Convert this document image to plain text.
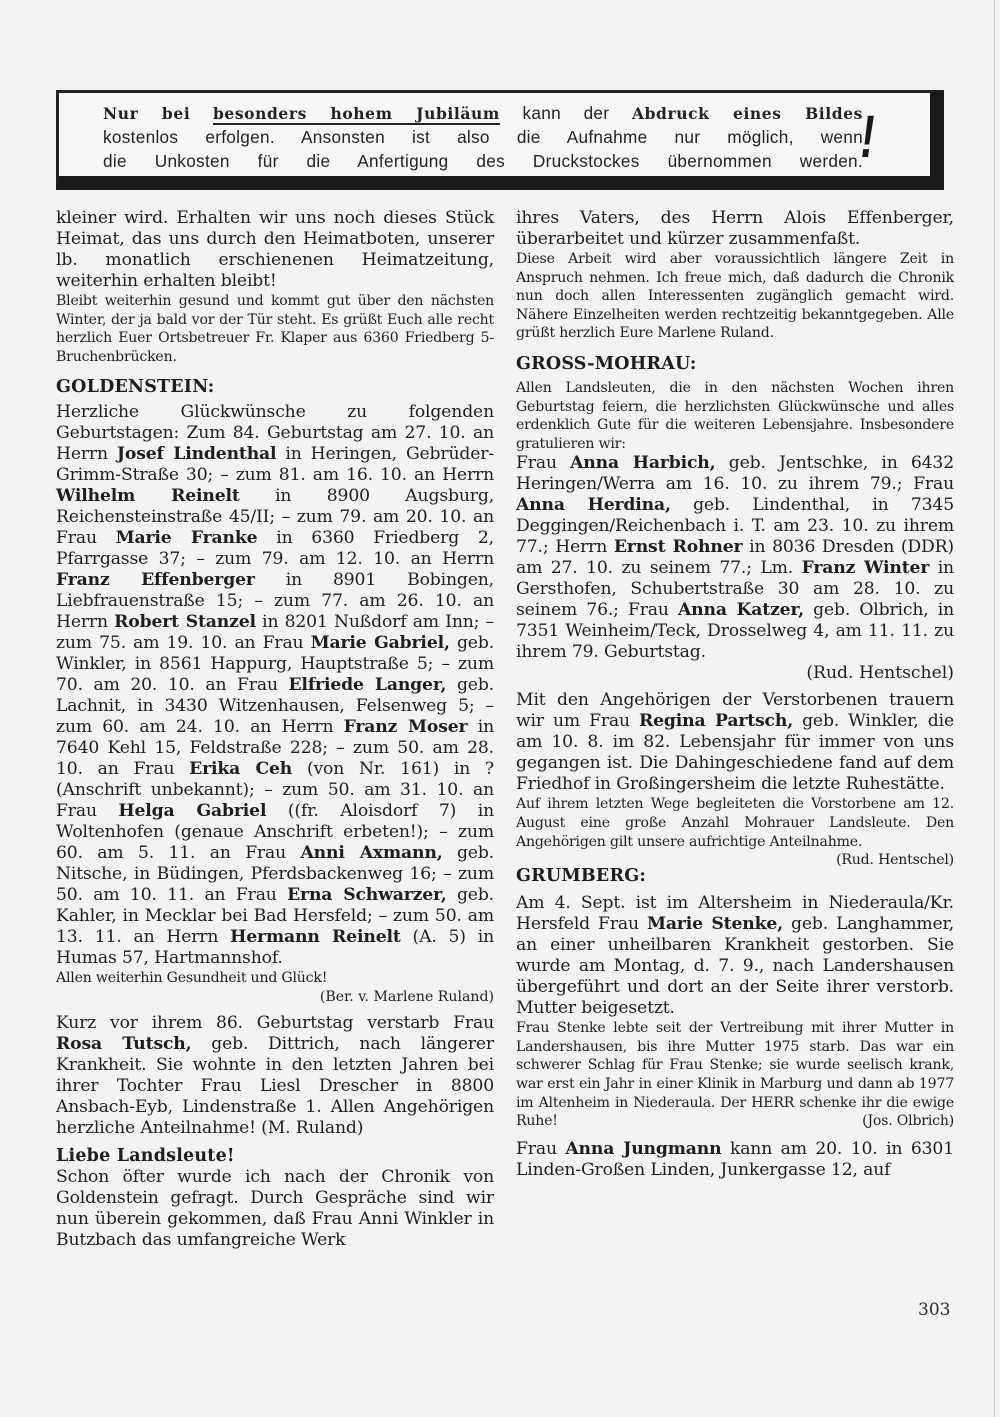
Nur bei besonders hohem Jubiläum kann der Abdruck eines Bildes
kostenlos erfolgen. Ansonsten ist also die Aufnahme nur möglich, wenn
die Unkosten für die Anfertigung des Druckstockes übernommen werden.
!

kleiner wird. Erhalten wir uns noch dieses Stück Heimat, das uns durch den Heimatboten, unserer lb. monatlich erschienenen Heimatzeitung, weiterhin erhalten bleibt!

Bleibt weiterhin gesund und kommt gut über den nächsten Winter, der ja bald vor der Tür steht. Es grüßt Euch alle recht herzlich Euer Ortsbetreuer Fr. Klaper aus 6360 Friedberg 5-Bruchenbrücken.

GOLDENSTEIN:

Herzliche Glückwünsche zu folgenden Geburtstagen: Zum 84. Geburtstag am 27. 10. an Herrn Josef Lindenthal in Heringen, Gebrüder-Grimm-Straße 30; – zum 81. am 16. 10. an Herrn Wilhelm Reinelt in 8900 Augsburg, Reichensteinstraße 45/II; – zum 79. am 20. 10. an Frau Marie Franke in 6360 Friedberg 2, Pfarrgasse 37; – zum 79. am 12. 10. an Herrn Franz Effenberger in 8901 Bobingen, Liebfrauenstraße 15; – zum 77. am 26. 10. an Herrn Robert Stanzel in 8201 Nußdorf am Inn; – zum 75. am 19. 10. an Frau Marie Gabriel, geb. Winkler, in 8561 Happurg, Hauptstraße 5; – zum 70. am 20. 10. an Frau Elfriede Langer, geb. Lachnit, in 3430 Witzenhausen, Felsenweg 5; – zum 60. am 24. 10. an Herrn Franz Moser in 7640 Kehl 15, Feldstraße 228; – zum 50. am 28. 10. an Frau Erika Ceh (von Nr. 161) in ? (Anschrift unbekannt); – zum 50. am 31. 10. an Frau Helga Gabriel ((fr. Aloisdorf 7) in Woltenhofen (genaue Anschrift erbeten!); – zum 60. am 5. 11. an Frau Anni Axmann, geb. Nitsche, in Büdingen, Pferdsbackenweg 16; – zum 50. am 10. 11. an Frau Erna Schwarzer, geb. Kahler, in Mecklar bei Bad Hersfeld; – zum 50. am 13. 11. an Herrn Hermann Reinelt (A. 5) in Humas 57, Hartmannshof.

Allen weiterhin Gesundheit und Glück!

(Ber. v. Marlene Ruland)

Kurz vor ihrem 86. Geburtstag verstarb Frau Rosa Tutsch, geb. Dittrich, nach längerer Krankheit. Sie wohnte in den letzten Jahren bei ihrer Tochter Frau Liesl Drescher in 8800 Ansbach-Eyb, Lindenstraße 1. Allen Angehörigen herzliche Anteilnahme! (M. Ruland)

Liebe Landsleute!

Schon öfter wurde ich nach der Chronik von Goldenstein gefragt. Durch Gespräche sind wir nun überein gekommen, daß Frau Anni Winkler in Butzbach das umfangreiche Werk

ihres Vaters, des Herrn Alois Effenberger, überarbeitet und kürzer zusammenfaßt.

Diese Arbeit wird aber voraussichtlich längere Zeit in Anspruch nehmen. Ich freue mich, daß dadurch die Chronik nun doch allen Interessenten zugänglich gemacht wird. Nähere Einzelheiten werden rechtzeitig bekanntgegeben. Alle grüßt herzlich Eure Marlene Ruland.

GROSS-MOHRAU:

Allen Landsleuten, die in den nächsten Wochen ihren Geburtstag feiern, die herzlichsten Glückwünsche und alles erdenklich Gute für die weiteren Lebensjahre. Insbesondere gratulieren wir:

Frau Anna Harbich, geb. Jentschke, in 6432 Heringen/Werra am 16. 10. zu ihrem 79.; Frau Anna Herdina, geb. Lindenthal, in 7345 Deggingen/Reichenbach i. T. am 23. 10. zu ihrem 77.; Herrn Ernst Rohner in 8036 Dresden (DDR) am 27. 10. zu seinem 77.; Lm. Franz Winter in Gersthofen, Schubertstraße 30 am 28. 10. zu seinem 76.; Frau Anna Katzer, geb. Olbrich, in 7351 Weinheim/Teck, Drosselweg 4, am 11. 11. zu ihrem 79. Geburtstag.

(Rud. Hentschel)

Mit den Angehörigen der Verstorbenen trauern wir um Frau Regina Partsch, geb. Winkler, die am 10. 8. im 82. Lebensjahr für immer von uns gegangen ist. Die Dahingeschiedene fand auf dem Friedhof in Großingersheim die letzte Ruhestätte.

Auf ihrem letzten Wege begleiteten die Vorstorbene am 12. August eine große Anzahl Mohrauer Landsleute. Den Angehörigen gilt unsere aufrichtige Anteilnahme.
(Rud. Hentschel)

GRUMBERG:

Am 4. Sept. ist im Altersheim in Niederaula/Kr. Hersfeld Frau Marie Stenke, geb. Langhammer, an einer unheilbaren Krankheit gestorben. Sie wurde am Montag, d. 7. 9., nach Landershausen übergeführt und dort an der Seite ihrer verstorb. Mutter beigesetzt.

Frau Stenke lebte seit der Vertreibung mit ihrer Mutter in Landershausen, bis ihre Mutter 1975 starb. Das war ein schwerer Schlag für Frau Stenke; sie wurde seelisch krank, war erst ein Jahr in einer Klinik in Marburg und dann ab 1977 im Altenheim in Niederaula. Der HERR schenke ihr die ewige Ruhe!	(Jos. Olbrich)

Frau Anna Jungmann kann am 20. 10. in 6301 Linden-Großen Linden, Junkergasse 12, auf

303
